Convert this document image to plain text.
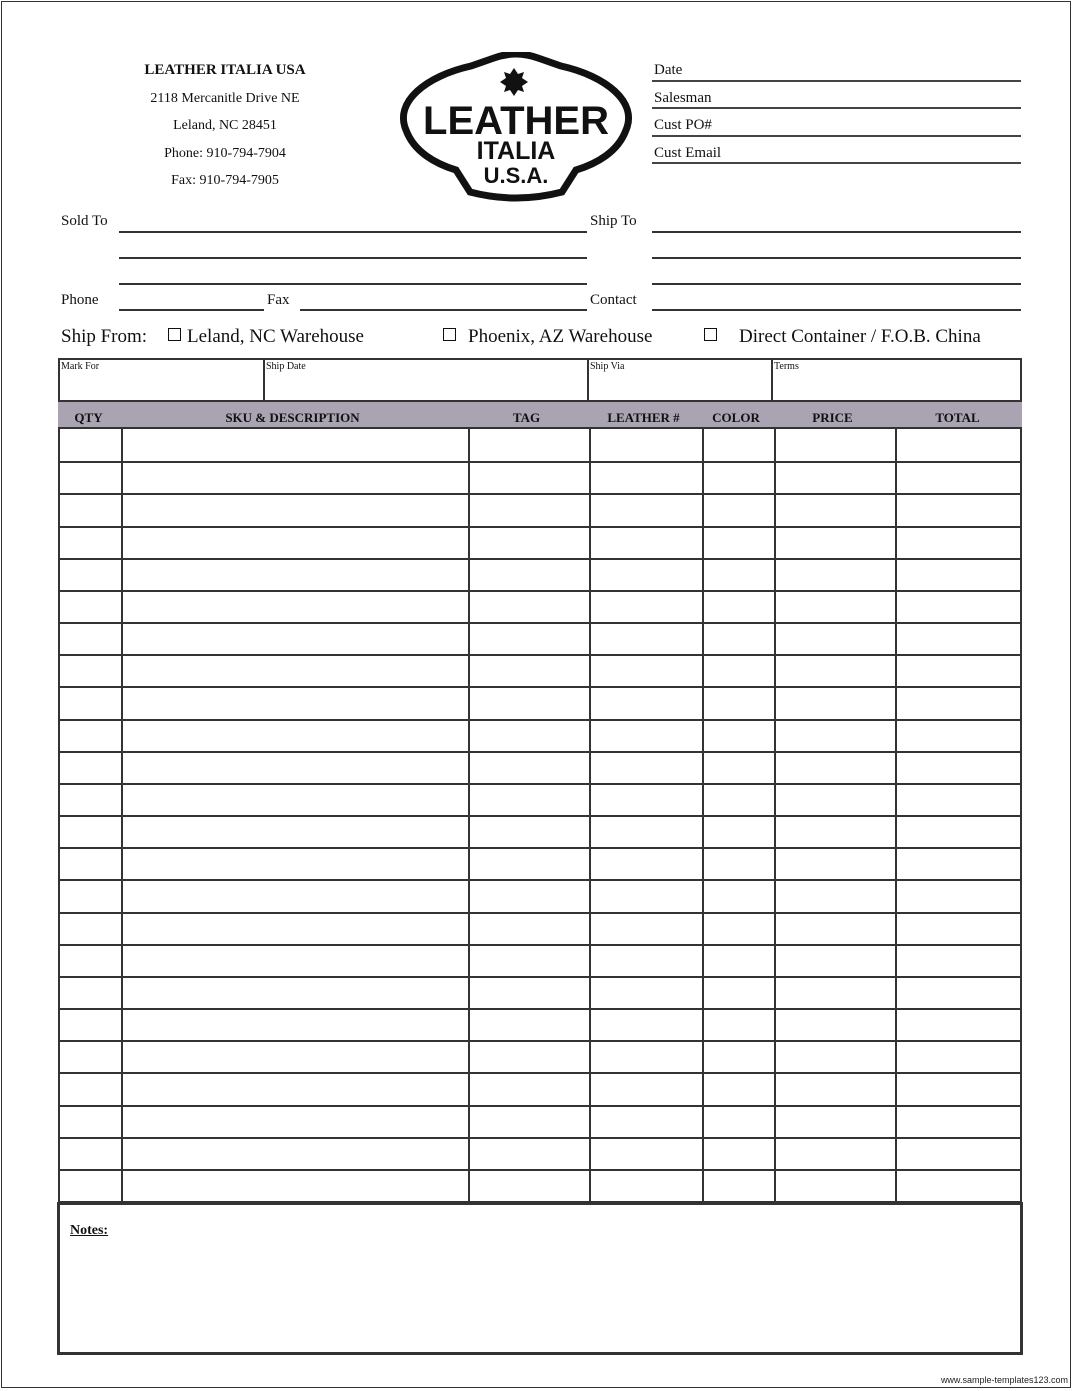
LEATHER ITALIA USA
2118 Mercanitle Drive NE
Leland, NC 28451
Phone: 910-794-7904
Fax: 910-794-7905
LEATHER
ITALIA
U.S.A.
Date
Salesman
Cust PO#
Cust Email
Sold To	Ship To
Phone	Fax	Contact
Ship From:	Leland, NC Warehouse	Phoenix, AZ Warehouse	Direct Container / F.O.B. China
Mark For	Ship Date	Ship Via	Terms
QTY	SKU & DESCRIPTION	TAG	LEATHER #	COLOR	PRICE	TOTAL
Notes:
www.sample-templates123.com
